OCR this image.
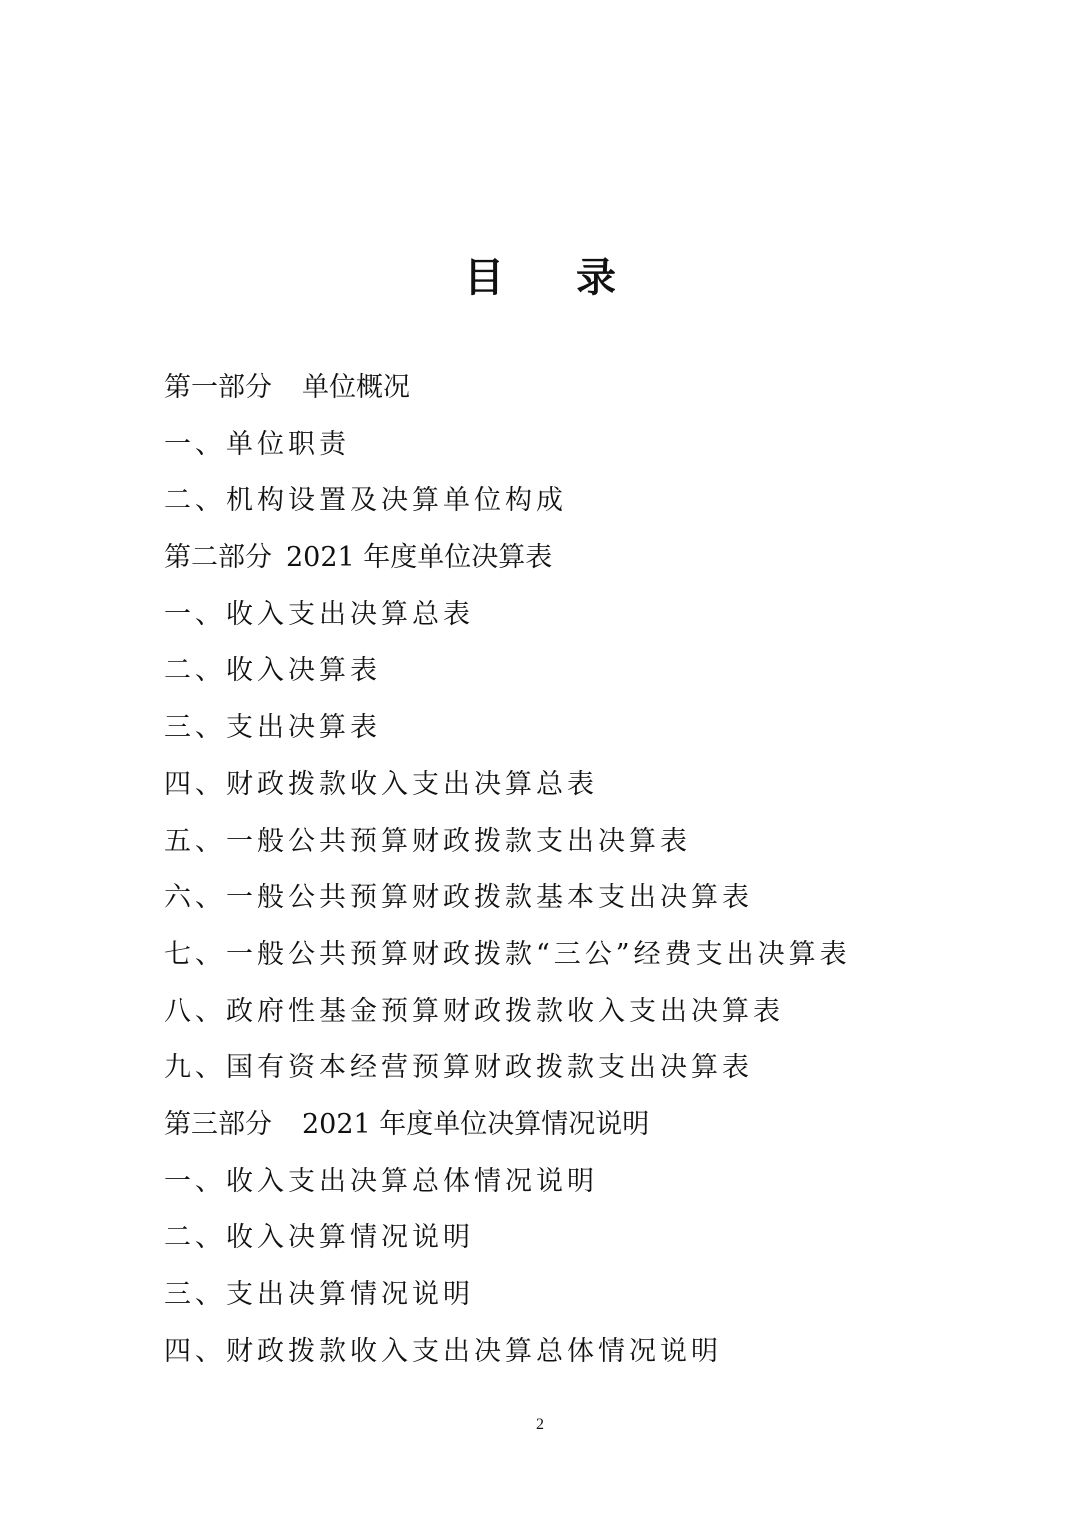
目 录
第一部分 单位概况
一、单位职责
二、机构设置及决算单位构成
第二部分 2021 年度单位决算表
一、收入支出决算总表
二、收入决算表
三、支出决算表
四、财政拨款收入支出决算总表
五、一般公共预算财政拨款支出决算表
六、一般公共预算财政拨款基本支出决算表
七、一般公共预算财政拨款“三公”经费支出决算表
八、政府性基金预算财政拨款收入支出决算表
九、国有资本经营预算财政拨款支出决算表
第三部分 2021 年度单位决算情况说明
一、收入支出决算总体情况说明
二、收入决算情况说明
三、支出决算情况说明
四、财政拨款收入支出决算总体情况说明
2
